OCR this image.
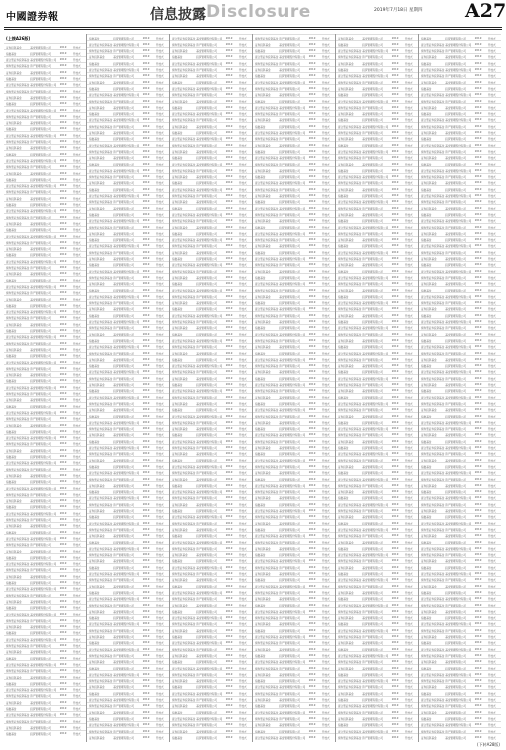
中國證券報	信息披露 Disclosure	2019年7月18日 星期四 A27
(上接A26版)
证券投资基金	基金管理有限公司	2019	开放式
指数基金	投资管理有限公司	2019	开放式
混合型证券投资基金 基金管理股份有限公司 2019	开放式
债券型证券投资基金 资产管理有限公司	2019	开放式
证券投资基金	基金管理有限公司	2019	开放式
指数基金	投资管理有限公司	2019	开放式
混合型证券投资基金 基金管理股份有限公司 2019	开放式
债券型证券投资基金 资产管理有限公司	2019	开放式
证券投资基金	基金管理有限公司	2019	开放式
指数基金	投资管理有限公司	2019	开放式
混合型证券投资基金 基金管理股份有限公司 2019	开放式
债券型证券投资基金 资产管理有限公司	2019	开放式
证券投资基金	基金管理有限公司	2019	开放式
指数基金	投资管理有限公司	2019	开放式
混合型证券投资基金 基金管理股份有限公司 2019	开放式
债券型证券投资基金 资产管理有限公司	2019	开放式
证券投资基金	基金管理有限公司	2019	开放式
指数基金	投资管理有限公司	2019	开放式
混合型证券投资基金 基金管理股份有限公司 2019	开放式
债券型证券投资基金 资产管理有限公司	2019	开放式
证券投资基金	基金管理有限公司	2019	开放式
指数基金	投资管理有限公司	2019	开放式
混合型证券投资基金 基金管理股份有限公司 2019	开放式
债券型证券投资基金 资产管理有限公司	2019	开放式
证券投资基金	基金管理有限公司	2019	开放式
指数基金	投资管理有限公司	2019	开放式
混合型证券投资基金 基金管理股份有限公司 2019	开放式
债券型证券投资基金 资产管理有限公司	2019	开放式
证券投资基金	基金管理有限公司	2019	开放式
指数基金	投资管理有限公司	2019	开放式
混合型证券投资基金 基金管理股份有限公司 2019	开放式
债券型证券投资基金 资产管理有限公司	2019	开放式
证券投资基金	基金管理有限公司	2019	开放式
指数基金	投资管理有限公司	2019	开放式
混合型证券投资基金 基金管理股份有限公司 2019	开放式
债券型证券投资基金 资产管理有限公司	2019	开放式
证券投资基金	基金管理有限公司	2019	开放式
指数基金	投资管理有限公司	2019	开放式
混合型证券投资基金 基金管理股份有限公司 2019	开放式
债券型证券投资基金 资产管理有限公司	2019	开放式
证券投资基金	基金管理有限公司	2019	开放式
指数基金	投资管理有限公司	2019	开放式
混合型证券投资基金 基金管理股份有限公司 2019	开放式
债券型证券投资基金 资产管理有限公司	2019	开放式
证券投资基金	基金管理有限公司	2019	开放式
指数基金	投资管理有限公司	2019	开放式
混合型证券投资基金 基金管理股份有限公司 2019	开放式
债券型证券投资基金 资产管理有限公司	2019	开放式
证券投资基金	基金管理有限公司	2019	开放式
指数基金	投资管理有限公司	2019	开放式
混合型证券投资基金 基金管理股份有限公司 2019	开放式
债券型证券投资基金 资产管理有限公司	2019	开放式
证券投资基金	基金管理有限公司	2019	开放式
指数基金	投资管理有限公司	2019	开放式
混合型证券投资基金 基金管理股份有限公司 2019	开放式
债券型证券投资基金 资产管理有限公司	2019	开放式
证券投资基金	基金管理有限公司	2019	开放式
指数基金	投资管理有限公司	2019	开放式
混合型证券投资基金 基金管理股份有限公司 2019	开放式
债券型证券投资基金 资产管理有限公司	2019	开放式
证券投资基金	基金管理有限公司	2019	开放式
指数基金	投资管理有限公司	2019	开放式
混合型证券投资基金 基金管理股份有限公司 2019	开放式
债券型证券投资基金 资产管理有限公司	2019	开放式
证券投资基金	基金管理有限公司	2019	开放式
指数基金	投资管理有限公司	2019	开放式
混合型证券投资基金 基金管理股份有限公司 2019	开放式
债券型证券投资基金 资产管理有限公司	2019	开放式
证券投资基金	基金管理有限公司	2019	开放式
指数基金	投资管理有限公司	2019	开放式
混合型证券投资基金 基金管理股份有限公司 2019	开放式
债券型证券投资基金 资产管理有限公司	2019	开放式
证券投资基金	基金管理有限公司	2019	开放式
指数基金	投资管理有限公司	2019	开放式
混合型证券投资基金 基金管理股份有限公司 2019	开放式
债券型证券投资基金 资产管理有限公司	2019	开放式
证券投资基金	基金管理有限公司	2019	开放式
指数基金	投资管理有限公司	2019	开放式
混合型证券投资基金 基金管理股份有限公司 2019	开放式
债券型证券投资基金 资产管理有限公司	2019	开放式
证券投资基金	基金管理有限公司	2019	开放式
指数基金	投资管理有限公司	2019	开放式
混合型证券投资基金 基金管理股份有限公司 2019	开放式
债券型证券投资基金 资产管理有限公司	2019	开放式
证券投资基金	基金管理有限公司	2019	开放式
指数基金	投资管理有限公司	2019	开放式
混合型证券投资基金 基金管理股份有限公司 2019	开放式
债券型证券投资基金 资产管理有限公司	2019	开放式
证券投资基金	基金管理有限公司	2019	开放式
指数基金	投资管理有限公司	2019	开放式
混合型证券投资基金 基金管理股份有限公司 2019	开放式
债券型证券投资基金 资产管理有限公司	2019	开放式
证券投资基金	基金管理有限公司	2019	开放式
指数基金	投资管理有限公司	2019	开放式
混合型证券投资基金 基金管理股份有限公司 2019	开放式
债券型证券投资基金 资产管理有限公司	2019	开放式
证券投资基金	基金管理有限公司	2019	开放式
指数基金	投资管理有限公司	2019	开放式
混合型证券投资基金 基金管理股份有限公司 2019	开放式
债券型证券投资基金 资产管理有限公司	2019	开放式
证券投资基金	基金管理有限公司	2019	开放式
指数基金	投资管理有限公司	2019	开放式
混合型证券投资基金 基金管理股份有限公司 2019	开放式
债券型证券投资基金 资产管理有限公司	2019	开放式
证券投资基金	基金管理有限公司	2019	开放式
指数基金	投资管理有限公司	2019	开放式
混合型证券投资基金 基金管理股份有限公司 2019	开放式
债券型证券投资基金 资产管理有限公司	2019	开放式
证券投资基金	基金管理有限公司	2019	开放式
指数基金	投资管理有限公司	2019	开放式
指数基金	投资管理有限公司	2019	开放式
混合型证券投资基金 基金管理股份有限公司 2019	开放式
债券型证券投资基金 资产管理有限公司	2019	开放式
证券投资基金	基金管理有限公司	2019	开放式
指数基金	投资管理有限公司	2019	开放式
混合型证券投资基金 基金管理股份有限公司 2019	开放式
债券型证券投资基金 资产管理有限公司	2019	开放式
证券投资基金	基金管理有限公司	2019	开放式
指数基金	投资管理有限公司	2019	开放式
混合型证券投资基金 基金管理股份有限公司 2019	开放式
债券型证券投资基金 资产管理有限公司	2019	开放式
证券投资基金	基金管理有限公司	2019	开放式
指数基金	投资管理有限公司	2019	开放式
混合型证券投资基金 基金管理股份有限公司 2019	开放式
债券型证券投资基金 资产管理有限公司	2019	开放式
证券投资基金	基金管理有限公司	2019	开放式
指数基金	投资管理有限公司	2019	开放式
混合型证券投资基金 基金管理股份有限公司 2019	开放式
债券型证券投资基金 资产管理有限公司	2019	开放式
证券投资基金	基金管理有限公司	2019	开放式
指数基金	投资管理有限公司	2019	开放式
混合型证券投资基金 基金管理股份有限公司 2019	开放式
债券型证券投资基金 资产管理有限公司	2019	开放式
证券投资基金	基金管理有限公司	2019	开放式
指数基金	投资管理有限公司	2019	开放式
混合型证券投资基金 基金管理股份有限公司 2019	开放式
债券型证券投资基金 资产管理有限公司	2019	开放式
证券投资基金	基金管理有限公司	2019	开放式
指数基金	投资管理有限公司	2019	开放式
混合型证券投资基金 基金管理股份有限公司 2019	开放式
债券型证券投资基金 资产管理有限公司	2019	开放式
证券投资基金	基金管理有限公司	2019	开放式
指数基金	投资管理有限公司	2019	开放式
混合型证券投资基金 基金管理股份有限公司 2019	开放式
债券型证券投资基金 资产管理有限公司	2019	开放式
证券投资基金	基金管理有限公司	2019	开放式
指数基金	投资管理有限公司	2019	开放式
混合型证券投资基金 基金管理股份有限公司 2019	开放式
债券型证券投资基金 资产管理有限公司	2019	开放式
证券投资基金	基金管理有限公司	2019	开放式
指数基金	投资管理有限公司	2019	开放式
混合型证券投资基金 基金管理股份有限公司 2019	开放式
债券型证券投资基金 资产管理有限公司	2019	开放式
证券投资基金	基金管理有限公司	2019	开放式
指数基金	投资管理有限公司	2019	开放式
混合型证券投资基金 基金管理股份有限公司 2019	开放式
债券型证券投资基金 资产管理有限公司	2019	开放式
证券投资基金	基金管理有限公司	2019	开放式
指数基金	投资管理有限公司	2019	开放式
混合型证券投资基金 基金管理股份有限公司 2019	开放式
债券型证券投资基金 资产管理有限公司	2019	开放式
证券投资基金	基金管理有限公司	2019	开放式
指数基金	投资管理有限公司	2019	开放式
混合型证券投资基金 基金管理股份有限公司 2019	开放式
债券型证券投资基金 资产管理有限公司	2019	开放式
证券投资基金	基金管理有限公司	2019	开放式
指数基金	投资管理有限公司	2019	开放式
混合型证券投资基金 基金管理股份有限公司 2019	开放式
债券型证券投资基金 资产管理有限公司	2019	开放式
证券投资基金	基金管理有限公司	2019	开放式
指数基金	投资管理有限公司	2019	开放式
混合型证券投资基金 基金管理股份有限公司 2019	开放式
债券型证券投资基金 资产管理有限公司	2019	开放式
证券投资基金	基金管理有限公司	2019	开放式
指数基金	投资管理有限公司	2019	开放式
混合型证券投资基金 基金管理股份有限公司 2019	开放式
债券型证券投资基金 资产管理有限公司	2019	开放式
证券投资基金	基金管理有限公司	2019	开放式
指数基金	投资管理有限公司	2019	开放式
混合型证券投资基金 基金管理股份有限公司 2019	开放式
债券型证券投资基金 资产管理有限公司	2019	开放式
证券投资基金	基金管理有限公司	2019	开放式
指数基金	投资管理有限公司	2019	开放式
混合型证券投资基金 基金管理股份有限公司 2019	开放式
债券型证券投资基金 资产管理有限公司	2019	开放式
证券投资基金	基金管理有限公司	2019	开放式
指数基金	投资管理有限公司	2019	开放式
混合型证券投资基金 基金管理股份有限公司 2019	开放式
债券型证券投资基金 资产管理有限公司	2019	开放式
证券投资基金	基金管理有限公司	2019	开放式
指数基金	投资管理有限公司	2019	开放式
混合型证券投资基金 基金管理股份有限公司 2019	开放式
债券型证券投资基金 资产管理有限公司	2019	开放式
证券投资基金	基金管理有限公司	2019	开放式
指数基金	投资管理有限公司	2019	开放式
混合型证券投资基金 基金管理股份有限公司 2019	开放式
债券型证券投资基金 资产管理有限公司	2019	开放式
证券投资基金	基金管理有限公司	2019	开放式
指数基金	投资管理有限公司	2019	开放式
混合型证券投资基金 基金管理股份有限公司 2019	开放式
债券型证券投资基金 资产管理有限公司	2019	开放式
证券投资基金	基金管理有限公司	2019	开放式
指数基金	投资管理有限公司	2019	开放式
混合型证券投资基金 基金管理股份有限公司 2019	开放式
债券型证券投资基金 资产管理有限公司	2019	开放式
证券投资基金	基金管理有限公司	2019	开放式
指数基金	投资管理有限公司	2019	开放式
混合型证券投资基金 基金管理股份有限公司 2019	开放式
债券型证券投资基金 资产管理有限公司	2019	开放式
证券投资基金	基金管理有限公司	2019	开放式
指数基金	投资管理有限公司	2019	开放式
混合型证券投资基金 基金管理股份有限公司 2019	开放式
债券型证券投资基金 资产管理有限公司	2019	开放式
证券投资基金	基金管理有限公司	2019	开放式
指数基金	投资管理有限公司	2019	开放式
混合型证券投资基金 基金管理股份有限公司 2019	开放式
债券型证券投资基金 资产管理有限公司	2019	开放式
证券投资基金	基金管理有限公司	2019	开放式
指数基金	投资管理有限公司	2019	开放式
混合型证券投资基金 基金管理股份有限公司 2019	开放式
债券型证券投资基金 资产管理有限公司	2019	开放式
证券投资基金	基金管理有限公司	2019	开放式
混合型证券投资基金 基金管理股份有限公司 2019	开放式
债券型证券投资基金 资产管理有限公司	2019	开放式
证券投资基金	基金管理有限公司	2019	开放式
指数基金	投资管理有限公司	2019	开放式
混合型证券投资基金 基金管理股份有限公司 2019	开放式
债券型证券投资基金 资产管理有限公司	2019	开放式
证券投资基金	基金管理有限公司	2019	开放式
指数基金	投资管理有限公司	2019	开放式
混合型证券投资基金 基金管理股份有限公司 2019	开放式
债券型证券投资基金 资产管理有限公司	2019	开放式
证券投资基金	基金管理有限公司	2019	开放式
指数基金	投资管理有限公司	2019	开放式
混合型证券投资基金 基金管理股份有限公司 2019	开放式
债券型证券投资基金 资产管理有限公司	2019	开放式
证券投资基金	基金管理有限公司	2019	开放式
指数基金	投资管理有限公司	2019	开放式
混合型证券投资基金 基金管理股份有限公司 2019	开放式
债券型证券投资基金 资产管理有限公司	2019	开放式
证券投资基金	基金管理有限公司	2019	开放式
指数基金	投资管理有限公司	2019	开放式
混合型证券投资基金 基金管理股份有限公司 2019	开放式
债券型证券投资基金 资产管理有限公司	2019	开放式
证券投资基金	基金管理有限公司	2019	开放式
指数基金	投资管理有限公司	2019	开放式
混合型证券投资基金 基金管理股份有限公司 2019	开放式
债券型证券投资基金 资产管理有限公司	2019	开放式
证券投资基金	基金管理有限公司	2019	开放式
指数基金	投资管理有限公司	2019	开放式
混合型证券投资基金 基金管理股份有限公司 2019	开放式
债券型证券投资基金 资产管理有限公司	2019	开放式
证券投资基金	基金管理有限公司	2019	开放式
指数基金	投资管理有限公司	2019	开放式
混合型证券投资基金 基金管理股份有限公司 2019	开放式
债券型证券投资基金 资产管理有限公司	2019	开放式
证券投资基金	基金管理有限公司	2019	开放式
指数基金	投资管理有限公司	2019	开放式
混合型证券投资基金 基金管理股份有限公司 2019	开放式
债券型证券投资基金 资产管理有限公司	2019	开放式
证券投资基金	基金管理有限公司	2019	开放式
指数基金	投资管理有限公司	2019	开放式
混合型证券投资基金 基金管理股份有限公司 2019	开放式
债券型证券投资基金 资产管理有限公司	2019	开放式
证券投资基金	基金管理有限公司	2019	开放式
指数基金	投资管理有限公司	2019	开放式
混合型证券投资基金 基金管理股份有限公司 2019	开放式
债券型证券投资基金 资产管理有限公司	2019	开放式
证券投资基金	基金管理有限公司	2019	开放式
指数基金	投资管理有限公司	2019	开放式
混合型证券投资基金 基金管理股份有限公司 2019	开放式
债券型证券投资基金 资产管理有限公司	2019	开放式
证券投资基金	基金管理有限公司	2019	开放式
指数基金	投资管理有限公司	2019	开放式
混合型证券投资基金 基金管理股份有限公司 2019	开放式
债券型证券投资基金 资产管理有限公司	2019	开放式
证券投资基金	基金管理有限公司	2019	开放式
指数基金	投资管理有限公司	2019	开放式
混合型证券投资基金 基金管理股份有限公司 2019	开放式
债券型证券投资基金 资产管理有限公司	2019	开放式
证券投资基金	基金管理有限公司	2019	开放式
指数基金	投资管理有限公司	2019	开放式
混合型证券投资基金 基金管理股份有限公司 2019	开放式
债券型证券投资基金 资产管理有限公司	2019	开放式
证券投资基金	基金管理有限公司	2019	开放式
指数基金	投资管理有限公司	2019	开放式
混合型证券投资基金 基金管理股份有限公司 2019	开放式
债券型证券投资基金 资产管理有限公司	2019	开放式
证券投资基金	基金管理有限公司	2019	开放式
指数基金	投资管理有限公司	2019	开放式
混合型证券投资基金 基金管理股份有限公司 2019	开放式
债券型证券投资基金 资产管理有限公司	2019	开放式
证券投资基金	基金管理有限公司	2019	开放式
指数基金	投资管理有限公司	2019	开放式
混合型证券投资基金 基金管理股份有限公司 2019	开放式
债券型证券投资基金 资产管理有限公司	2019	开放式
证券投资基金	基金管理有限公司	2019	开放式
指数基金	投资管理有限公司	2019	开放式
混合型证券投资基金 基金管理股份有限公司 2019	开放式
债券型证券投资基金 资产管理有限公司	2019	开放式
证券投资基金	基金管理有限公司	2019	开放式
指数基金	投资管理有限公司	2019	开放式
混合型证券投资基金 基金管理股份有限公司 2019	开放式
债券型证券投资基金 资产管理有限公司	2019	开放式
证券投资基金	基金管理有限公司	2019	开放式
指数基金	投资管理有限公司	2019	开放式
混合型证券投资基金 基金管理股份有限公司 2019	开放式
债券型证券投资基金 资产管理有限公司	2019	开放式
证券投资基金	基金管理有限公司	2019	开放式
指数基金	投资管理有限公司	2019	开放式
混合型证券投资基金 基金管理股份有限公司 2019	开放式
债券型证券投资基金 资产管理有限公司	2019	开放式
证券投资基金	基金管理有限公司	2019	开放式
指数基金	投资管理有限公司	2019	开放式
混合型证券投资基金 基金管理股份有限公司 2019	开放式
债券型证券投资基金 资产管理有限公司	2019	开放式
证券投资基金	基金管理有限公司	2019	开放式
指数基金	投资管理有限公司	2019	开放式
混合型证券投资基金 基金管理股份有限公司 2019	开放式
债券型证券投资基金 资产管理有限公司	2019	开放式
证券投资基金	基金管理有限公司	2019	开放式
指数基金	投资管理有限公司	2019	开放式
混合型证券投资基金 基金管理股份有限公司 2019	开放式
债券型证券投资基金 资产管理有限公司	2019	开放式
证券投资基金	基金管理有限公司	2019	开放式
指数基金	投资管理有限公司	2019	开放式
混合型证券投资基金 基金管理股份有限公司 2019	开放式
债券型证券投资基金 资产管理有限公司	2019	开放式
证券投资基金	基金管理有限公司	2019	开放式
指数基金	投资管理有限公司	2019	开放式
混合型证券投资基金 基金管理股份有限公司 2019	开放式
债券型证券投资基金 资产管理有限公司	2019	开放式
证券投资基金	基金管理有限公司	2019	开放式
指数基金	投资管理有限公司	2019	开放式
债券型证券投资基金 资产管理有限公司	2019	开放式
证券投资基金	基金管理有限公司	2019	开放式
指数基金	投资管理有限公司	2019	开放式
混合型证券投资基金 基金管理股份有限公司 2019	开放式
债券型证券投资基金 资产管理有限公司	2019	开放式
证券投资基金	基金管理有限公司	2019	开放式
指数基金	投资管理有限公司	2019	开放式
混合型证券投资基金 基金管理股份有限公司 2019	开放式
债券型证券投资基金 资产管理有限公司	2019	开放式
证券投资基金	基金管理有限公司	2019	开放式
指数基金	投资管理有限公司	2019	开放式
混合型证券投资基金 基金管理股份有限公司 2019	开放式
债券型证券投资基金 资产管理有限公司	2019	开放式
证券投资基金	基金管理有限公司	2019	开放式
指数基金	投资管理有限公司	2019	开放式
混合型证券投资基金 基金管理股份有限公司 2019	开放式
债券型证券投资基金 资产管理有限公司	2019	开放式
证券投资基金	基金管理有限公司	2019	开放式
指数基金	投资管理有限公司	2019	开放式
混合型证券投资基金 基金管理股份有限公司 2019	开放式
债券型证券投资基金 资产管理有限公司	2019	开放式
证券投资基金	基金管理有限公司	2019	开放式
指数基金	投资管理有限公司	2019	开放式
混合型证券投资基金 基金管理股份有限公司 2019	开放式
债券型证券投资基金 资产管理有限公司	2019	开放式
证券投资基金	基金管理有限公司	2019	开放式
指数基金	投资管理有限公司	2019	开放式
混合型证券投资基金 基金管理股份有限公司 2019	开放式
债券型证券投资基金 资产管理有限公司	2019	开放式
证券投资基金	基金管理有限公司	2019	开放式
指数基金	投资管理有限公司	2019	开放式
混合型证券投资基金 基金管理股份有限公司 2019	开放式
债券型证券投资基金 资产管理有限公司	2019	开放式
证券投资基金	基金管理有限公司	2019	开放式
指数基金	投资管理有限公司	2019	开放式
混合型证券投资基金 基金管理股份有限公司 2019	开放式
债券型证券投资基金 资产管理有限公司	2019	开放式
证券投资基金	基金管理有限公司	2019	开放式
指数基金	投资管理有限公司	2019	开放式
混合型证券投资基金 基金管理股份有限公司 2019	开放式
债券型证券投资基金 资产管理有限公司	2019	开放式
证券投资基金	基金管理有限公司	2019	开放式
指数基金	投资管理有限公司	2019	开放式
混合型证券投资基金 基金管理股份有限公司 2019	开放式
债券型证券投资基金 资产管理有限公司	2019	开放式
证券投资基金	基金管理有限公司	2019	开放式
指数基金	投资管理有限公司	2019	开放式
混合型证券投资基金 基金管理股份有限公司 2019	开放式
债券型证券投资基金 资产管理有限公司	2019	开放式
证券投资基金	基金管理有限公司	2019	开放式
指数基金	投资管理有限公司	2019	开放式
混合型证券投资基金 基金管理股份有限公司 2019	开放式
债券型证券投资基金 资产管理有限公司	2019	开放式
证券投资基金	基金管理有限公司	2019	开放式
指数基金	投资管理有限公司	2019	开放式
混合型证券投资基金 基金管理股份有限公司 2019	开放式
债券型证券投资基金 资产管理有限公司	2019	开放式
证券投资基金	基金管理有限公司	2019	开放式
指数基金	投资管理有限公司	2019	开放式
混合型证券投资基金 基金管理股份有限公司 2019	开放式
债券型证券投资基金 资产管理有限公司	2019	开放式
证券投资基金	基金管理有限公司	2019	开放式
指数基金	投资管理有限公司	2019	开放式
混合型证券投资基金 基金管理股份有限公司 2019	开放式
债券型证券投资基金 资产管理有限公司	2019	开放式
证券投资基金	基金管理有限公司	2019	开放式
指数基金	投资管理有限公司	2019	开放式
混合型证券投资基金 基金管理股份有限公司 2019	开放式
债券型证券投资基金 资产管理有限公司	2019	开放式
证券投资基金	基金管理有限公司	2019	开放式
指数基金	投资管理有限公司	2019	开放式
混合型证券投资基金 基金管理股份有限公司 2019	开放式
债券型证券投资基金 资产管理有限公司	2019	开放式
证券投资基金	基金管理有限公司	2019	开放式
指数基金	投资管理有限公司	2019	开放式
混合型证券投资基金 基金管理股份有限公司 2019	开放式
债券型证券投资基金 资产管理有限公司	2019	开放式
证券投资基金	基金管理有限公司	2019	开放式
指数基金	投资管理有限公司	2019	开放式
混合型证券投资基金 基金管理股份有限公司 2019	开放式
债券型证券投资基金 资产管理有限公司	2019	开放式
证券投资基金	基金管理有限公司	2019	开放式
指数基金	投资管理有限公司	2019	开放式
混合型证券投资基金 基金管理股份有限公司 2019	开放式
债券型证券投资基金 资产管理有限公司	2019	开放式
证券投资基金	基金管理有限公司	2019	开放式
指数基金	投资管理有限公司	2019	开放式
混合型证券投资基金 基金管理股份有限公司 2019	开放式
债券型证券投资基金 资产管理有限公司	2019	开放式
证券投资基金	基金管理有限公司	2019	开放式
指数基金	投资管理有限公司	2019	开放式
混合型证券投资基金 基金管理股份有限公司 2019	开放式
债券型证券投资基金 资产管理有限公司	2019	开放式
证券投资基金	基金管理有限公司	2019	开放式
指数基金	投资管理有限公司	2019	开放式
混合型证券投资基金 基金管理股份有限公司 2019	开放式
债券型证券投资基金 资产管理有限公司	2019	开放式
证券投资基金	基金管理有限公司	2019	开放式
指数基金	投资管理有限公司	2019	开放式
混合型证券投资基金 基金管理股份有限公司 2019	开放式
债券型证券投资基金 资产管理有限公司	2019	开放式
证券投资基金	基金管理有限公司	2019	开放式
指数基金	投资管理有限公司	2019	开放式
混合型证券投资基金 基金管理股份有限公司 2019	开放式
债券型证券投资基金 资产管理有限公司	2019	开放式
证券投资基金	基金管理有限公司	2019	开放式
指数基金	投资管理有限公司	2019	开放式
混合型证券投资基金 基金管理股份有限公司 2019	开放式
债券型证券投资基金 资产管理有限公司	2019	开放式
证券投资基金	基金管理有限公司	2019	开放式
指数基金	投资管理有限公司	2019	开放式
混合型证券投资基金 基金管理股份有限公司 2019	开放式
证券投资基金	基金管理有限公司	2019	开放式
指数基金	投资管理有限公司	2019	开放式
混合型证券投资基金 基金管理股份有限公司 2019	开放式
债券型证券投资基金 资产管理有限公司	2019	开放式
证券投资基金	基金管理有限公司	2019	开放式
指数基金	投资管理有限公司	2019	开放式
混合型证券投资基金 基金管理股份有限公司 2019	开放式
债券型证券投资基金 资产管理有限公司	2019	开放式
证券投资基金	基金管理有限公司	2019	开放式
指数基金	投资管理有限公司	2019	开放式
混合型证券投资基金 基金管理股份有限公司 2019	开放式
债券型证券投资基金 资产管理有限公司	2019	开放式
证券投资基金	基金管理有限公司	2019	开放式
指数基金	投资管理有限公司	2019	开放式
混合型证券投资基金 基金管理股份有限公司 2019	开放式
债券型证券投资基金 资产管理有限公司	2019	开放式
证券投资基金	基金管理有限公司	2019	开放式
指数基金	投资管理有限公司	2019	开放式
混合型证券投资基金 基金管理股份有限公司 2019	开放式
债券型证券投资基金 资产管理有限公司	2019	开放式
证券投资基金	基金管理有限公司	2019	开放式
指数基金	投资管理有限公司	2019	开放式
混合型证券投资基金 基金管理股份有限公司 2019	开放式
债券型证券投资基金 资产管理有限公司	2019	开放式
证券投资基金	基金管理有限公司	2019	开放式
指数基金	投资管理有限公司	2019	开放式
混合型证券投资基金 基金管理股份有限公司 2019	开放式
债券型证券投资基金 资产管理有限公司	2019	开放式
证券投资基金	基金管理有限公司	2019	开放式
指数基金	投资管理有限公司	2019	开放式
混合型证券投资基金 基金管理股份有限公司 2019	开放式
债券型证券投资基金 资产管理有限公司	2019	开放式
证券投资基金	基金管理有限公司	2019	开放式
指数基金	投资管理有限公司	2019	开放式
混合型证券投资基金 基金管理股份有限公司 2019	开放式
债券型证券投资基金 资产管理有限公司	2019	开放式
证券投资基金	基金管理有限公司	2019	开放式
指数基金	投资管理有限公司	2019	开放式
混合型证券投资基金 基金管理股份有限公司 2019	开放式
债券型证券投资基金 资产管理有限公司	2019	开放式
证券投资基金	基金管理有限公司	2019	开放式
指数基金	投资管理有限公司	2019	开放式
混合型证券投资基金 基金管理股份有限公司 2019	开放式
债券型证券投资基金 资产管理有限公司	2019	开放式
证券投资基金	基金管理有限公司	2019	开放式
指数基金	投资管理有限公司	2019	开放式
混合型证券投资基金 基金管理股份有限公司 2019	开放式
债券型证券投资基金 资产管理有限公司	2019	开放式
证券投资基金	基金管理有限公司	2019	开放式
指数基金	投资管理有限公司	2019	开放式
混合型证券投资基金 基金管理股份有限公司 2019	开放式
债券型证券投资基金 资产管理有限公司	2019	开放式
证券投资基金	基金管理有限公司	2019	开放式
指数基金	投资管理有限公司	2019	开放式
混合型证券投资基金 基金管理股份有限公司 2019	开放式
债券型证券投资基金 资产管理有限公司	2019	开放式
证券投资基金	基金管理有限公司	2019	开放式
指数基金	投资管理有限公司	2019	开放式
混合型证券投资基金 基金管理股份有限公司 2019	开放式
债券型证券投资基金 资产管理有限公司	2019	开放式
证券投资基金	基金管理有限公司	2019	开放式
指数基金	投资管理有限公司	2019	开放式
混合型证券投资基金 基金管理股份有限公司 2019	开放式
债券型证券投资基金 资产管理有限公司	2019	开放式
证券投资基金	基金管理有限公司	2019	开放式
指数基金	投资管理有限公司	2019	开放式
混合型证券投资基金 基金管理股份有限公司 2019	开放式
债券型证券投资基金 资产管理有限公司	2019	开放式
证券投资基金	基金管理有限公司	2019	开放式
指数基金	投资管理有限公司	2019	开放式
混合型证券投资基金 基金管理股份有限公司 2019	开放式
债券型证券投资基金 资产管理有限公司	2019	开放式
证券投资基金	基金管理有限公司	2019	开放式
指数基金	投资管理有限公司	2019	开放式
混合型证券投资基金 基金管理股份有限公司 2019	开放式
债券型证券投资基金 资产管理有限公司	2019	开放式
证券投资基金	基金管理有限公司	2019	开放式
指数基金	投资管理有限公司	2019	开放式
混合型证券投资基金 基金管理股份有限公司 2019	开放式
债券型证券投资基金 资产管理有限公司	2019	开放式
证券投资基金	基金管理有限公司	2019	开放式
指数基金	投资管理有限公司	2019	开放式
混合型证券投资基金 基金管理股份有限公司 2019	开放式
债券型证券投资基金 资产管理有限公司	2019	开放式
证券投资基金	基金管理有限公司	2019	开放式
指数基金	投资管理有限公司	2019	开放式
混合型证券投资基金 基金管理股份有限公司 2019	开放式
债券型证券投资基金 资产管理有限公司	2019	开放式
证券投资基金	基金管理有限公司	2019	开放式
指数基金	投资管理有限公司	2019	开放式
混合型证券投资基金 基金管理股份有限公司 2019	开放式
债券型证券投资基金 资产管理有限公司	2019	开放式
证券投资基金	基金管理有限公司	2019	开放式
指数基金	投资管理有限公司	2019	开放式
混合型证券投资基金 基金管理股份有限公司 2019	开放式
债券型证券投资基金 资产管理有限公司	2019	开放式
证券投资基金	基金管理有限公司	2019	开放式
指数基金	投资管理有限公司	2019	开放式
混合型证券投资基金 基金管理股份有限公司 2019	开放式
债券型证券投资基金 资产管理有限公司	2019	开放式
证券投资基金	基金管理有限公司	2019	开放式
指数基金	投资管理有限公司	2019	开放式
混合型证券投资基金 基金管理股份有限公司 2019	开放式
债券型证券投资基金 资产管理有限公司	2019	开放式
证券投资基金	基金管理有限公司	2019	开放式
指数基金	投资管理有限公司	2019	开放式
混合型证券投资基金 基金管理股份有限公司 2019	开放式
债券型证券投资基金 资产管理有限公司	2019	开放式
证券投资基金	基金管理有限公司	2019	开放式
指数基金	投资管理有限公司	2019	开放式
混合型证券投资基金 基金管理股份有限公司 2019	开放式
债券型证券投资基金 资产管理有限公司	2019	开放式
指数基金	投资管理有限公司	2019	开放式
混合型证券投资基金 基金管理股份有限公司 2019	开放式
债券型证券投资基金 资产管理有限公司	2019	开放式
证券投资基金	基金管理有限公司	2019	开放式
指数基金	投资管理有限公司	2019	开放式
混合型证券投资基金 基金管理股份有限公司 2019	开放式
债券型证券投资基金 资产管理有限公司	2019	开放式
证券投资基金	基金管理有限公司	2019	开放式
指数基金	投资管理有限公司	2019	开放式
混合型证券投资基金 基金管理股份有限公司 2019	开放式
债券型证券投资基金 资产管理有限公司	2019	开放式
证券投资基金	基金管理有限公司	2019	开放式
指数基金	投资管理有限公司	2019	开放式
混合型证券投资基金 基金管理股份有限公司 2019	开放式
债券型证券投资基金 资产管理有限公司	2019	开放式
证券投资基金	基金管理有限公司	2019	开放式
指数基金	投资管理有限公司	2019	开放式
混合型证券投资基金 基金管理股份有限公司 2019	开放式
债券型证券投资基金 资产管理有限公司	2019	开放式
证券投资基金	基金管理有限公司	2019	开放式
指数基金	投资管理有限公司	2019	开放式
混合型证券投资基金 基金管理股份有限公司 2019	开放式
债券型证券投资基金 资产管理有限公司	2019	开放式
证券投资基金	基金管理有限公司	2019	开放式
指数基金	投资管理有限公司	2019	开放式
混合型证券投资基金 基金管理股份有限公司 2019	开放式
债券型证券投资基金 资产管理有限公司	2019	开放式
证券投资基金	基金管理有限公司	2019	开放式
指数基金	投资管理有限公司	2019	开放式
混合型证券投资基金 基金管理股份有限公司 2019	开放式
债券型证券投资基金 资产管理有限公司	2019	开放式
证券投资基金	基金管理有限公司	2019	开放式
指数基金	投资管理有限公司	2019	开放式
混合型证券投资基金 基金管理股份有限公司 2019	开放式
债券型证券投资基金 资产管理有限公司	2019	开放式
证券投资基金	基金管理有限公司	2019	开放式
指数基金	投资管理有限公司	2019	开放式
混合型证券投资基金 基金管理股份有限公司 2019	开放式
债券型证券投资基金 资产管理有限公司	2019	开放式
证券投资基金	基金管理有限公司	2019	开放式
指数基金	投资管理有限公司	2019	开放式
混合型证券投资基金 基金管理股份有限公司 2019	开放式
债券型证券投资基金 资产管理有限公司	2019	开放式
证券投资基金	基金管理有限公司	2019	开放式
指数基金	投资管理有限公司	2019	开放式
混合型证券投资基金 基金管理股份有限公司 2019	开放式
债券型证券投资基金 资产管理有限公司	2019	开放式
证券投资基金	基金管理有限公司	2019	开放式
指数基金	投资管理有限公司	2019	开放式
混合型证券投资基金 基金管理股份有限公司 2019	开放式
债券型证券投资基金 资产管理有限公司	2019	开放式
证券投资基金	基金管理有限公司	2019	开放式
指数基金	投资管理有限公司	2019	开放式
混合型证券投资基金 基金管理股份有限公司 2019	开放式
债券型证券投资基金 资产管理有限公司	2019	开放式
证券投资基金	基金管理有限公司	2019	开放式
指数基金	投资管理有限公司	2019	开放式
混合型证券投资基金 基金管理股份有限公司 2019	开放式
债券型证券投资基金 资产管理有限公司	2019	开放式
证券投资基金	基金管理有限公司	2019	开放式
指数基金	投资管理有限公司	2019	开放式
混合型证券投资基金 基金管理股份有限公司 2019	开放式
债券型证券投资基金 资产管理有限公司	2019	开放式
证券投资基金	基金管理有限公司	2019	开放式
指数基金	投资管理有限公司	2019	开放式
混合型证券投资基金 基金管理股份有限公司 2019	开放式
债券型证券投资基金 资产管理有限公司	2019	开放式
证券投资基金	基金管理有限公司	2019	开放式
指数基金	投资管理有限公司	2019	开放式
混合型证券投资基金 基金管理股份有限公司 2019	开放式
债券型证券投资基金 资产管理有限公司	2019	开放式
证券投资基金	基金管理有限公司	2019	开放式
指数基金	投资管理有限公司	2019	开放式
混合型证券投资基金 基金管理股份有限公司 2019	开放式
债券型证券投资基金 资产管理有限公司	2019	开放式
证券投资基金	基金管理有限公司	2019	开放式
指数基金	投资管理有限公司	2019	开放式
混合型证券投资基金 基金管理股份有限公司 2019	开放式
债券型证券投资基金 资产管理有限公司	2019	开放式
证券投资基金	基金管理有限公司	2019	开放式
指数基金	投资管理有限公司	2019	开放式
混合型证券投资基金 基金管理股份有限公司 2019	开放式
债券型证券投资基金 资产管理有限公司	2019	开放式
证券投资基金	基金管理有限公司	2019	开放式
指数基金	投资管理有限公司	2019	开放式
混合型证券投资基金 基金管理股份有限公司 2019	开放式
债券型证券投资基金 资产管理有限公司	2019	开放式
证券投资基金	基金管理有限公司	2019	开放式
指数基金	投资管理有限公司	2019	开放式
混合型证券投资基金 基金管理股份有限公司 2019	开放式
债券型证券投资基金 资产管理有限公司	2019	开放式
证券投资基金	基金管理有限公司	2019	开放式
指数基金	投资管理有限公司	2019	开放式
混合型证券投资基金 基金管理股份有限公司 2019	开放式
债券型证券投资基金 资产管理有限公司	2019	开放式
证券投资基金	基金管理有限公司	2019	开放式
指数基金	投资管理有限公司	2019	开放式
混合型证券投资基金 基金管理股份有限公司 2019	开放式
债券型证券投资基金 资产管理有限公司	2019	开放式
证券投资基金	基金管理有限公司	2019	开放式
指数基金	投资管理有限公司	2019	开放式
混合型证券投资基金 基金管理股份有限公司 2019	开放式
债券型证券投资基金 资产管理有限公司	2019	开放式
证券投资基金	基金管理有限公司	2019	开放式
指数基金	投资管理有限公司	2019	开放式
混合型证券投资基金 基金管理股份有限公司 2019	开放式
债券型证券投资基金 资产管理有限公司	2019	开放式
证券投资基金	基金管理有限公司	2019	开放式
指数基金	投资管理有限公司	2019	开放式
混合型证券投资基金 基金管理股份有限公司 2019	开放式
债券型证券投资基金 资产管理有限公司	2019	开放式
证券投资基金	基金管理有限公司	2019	开放式
(下转A28版)
